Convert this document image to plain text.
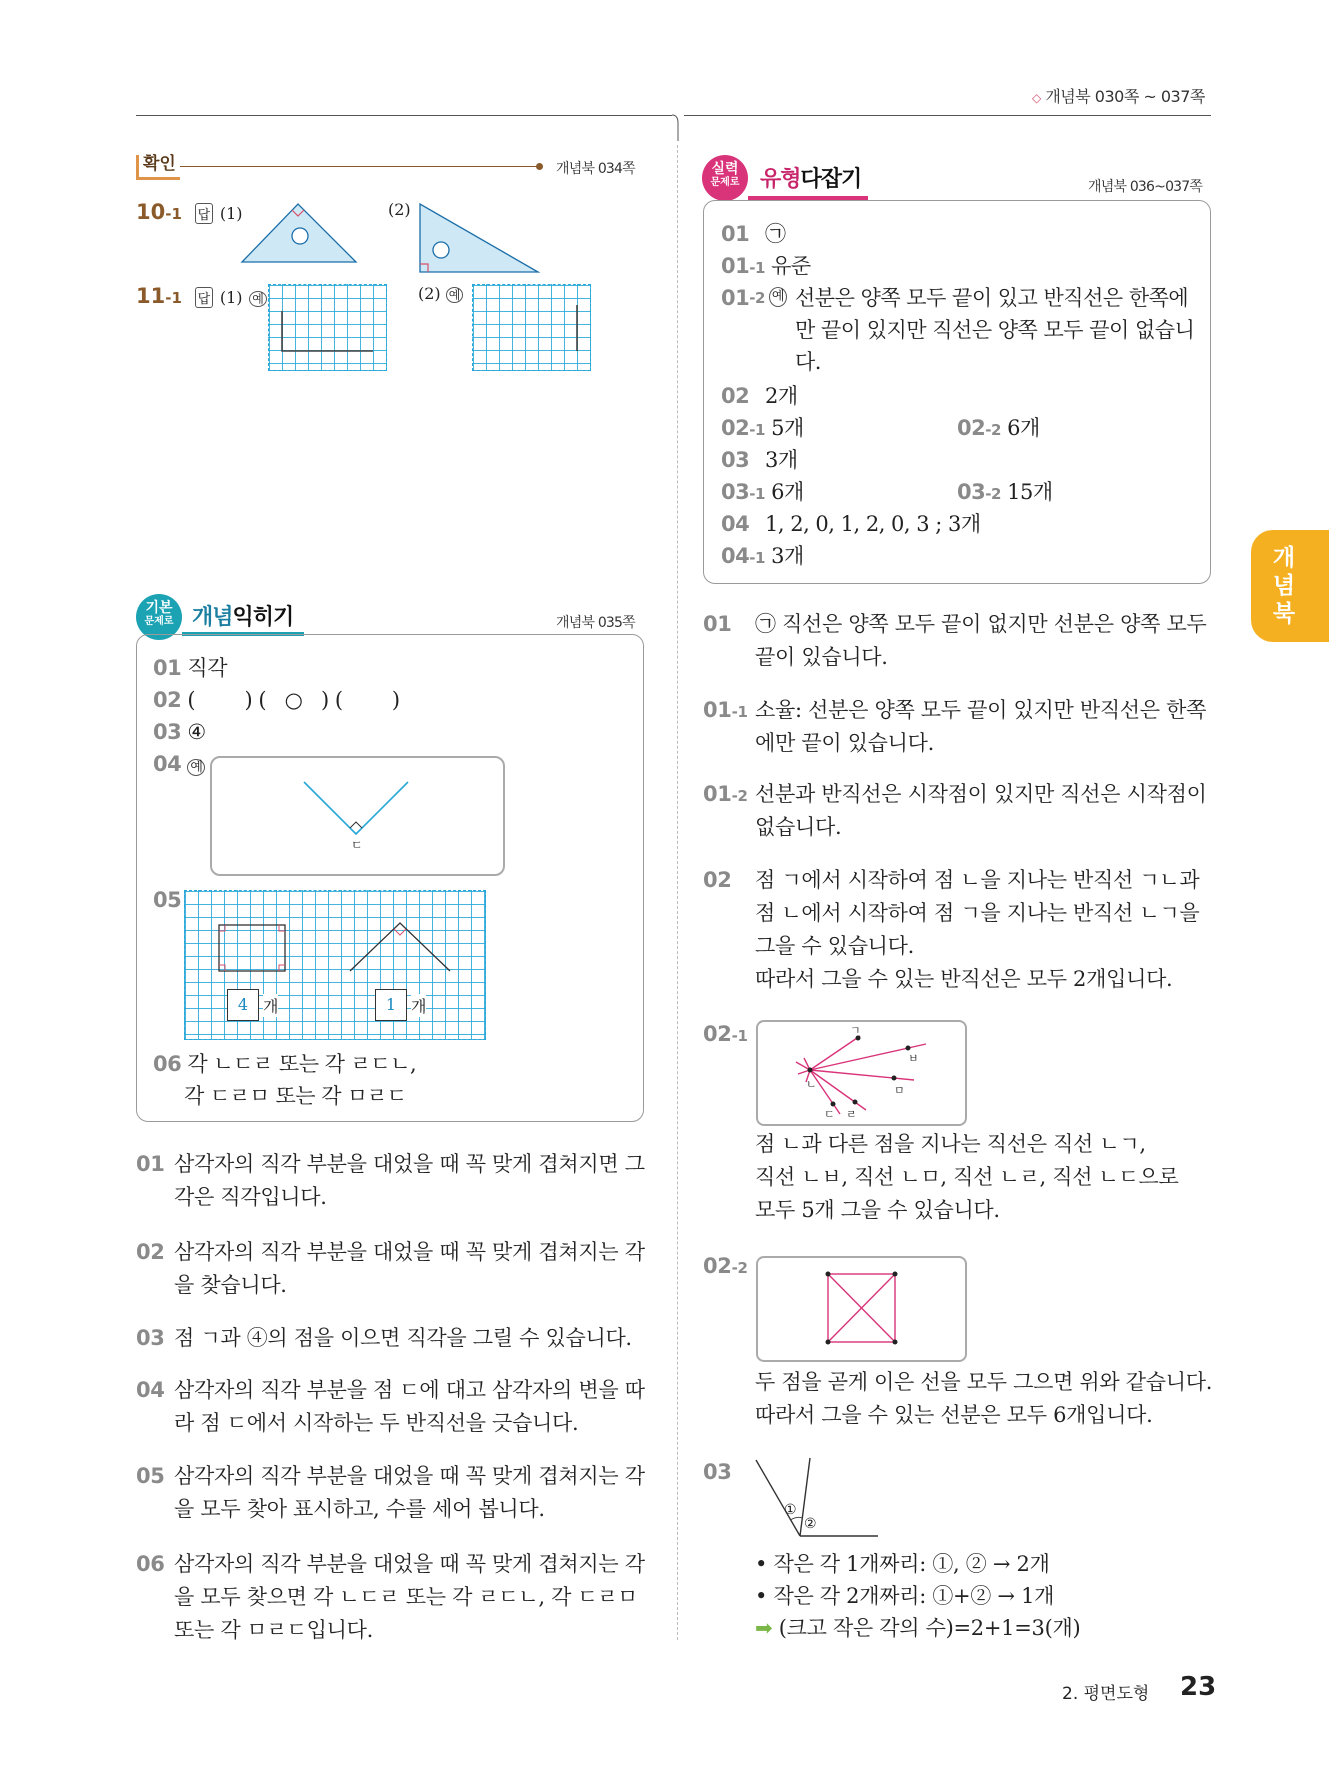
◇ 개념북 030쪽 ~ 037쪽
개
념
북
확인	개념북 034쪽
10-1 답 (1)	(2)
11-1 답 (1) 예	(2) 예
기본
문제로 개념익히기	개념북 035쪽
01 직각
02 (        ) (   ○   ) (        )
03 ④
04 예
ㄷ
05
4 개	1 개
06 각 ㄴㄷㄹ 또는 각 ㄹㄷㄴ,
각 ㄷㄹㅁ 또는 각 ㅁㄹㄷ
01 삼각자의 직각 부분을 대었을 때 꼭 맞게 겹쳐지면 그 각은 직각입니다.
02 삼각자의 직각 부분을 대었을 때 꼭 맞게 겹쳐지는 각을 찾습니다.
03 점 ㄱ과 ④의 점을 이으면 직각을 그릴 수 있습니다.
04 삼각자의 직각 부분을 점 ㄷ에 대고 삼각자의 변을 따라 점 ㄷ에서 시작하는 두 반직선을 긋습니다.
05 삼각자의 직각 부분을 대었을 때 꼭 맞게 겹쳐지는 각을 모두 찾아 표시하고, 수를 세어 봅니다.
06 삼각자의 직각 부분을 대었을 때 꼭 맞게 겹쳐지는 각을 모두 찾으면 각 ㄴㄷㄹ 또는 각 ㄹㄷㄴ, 각 ㄷㄹㅁ 또는 각 ㅁㄹㄷ입니다.
실력
문제로 유형다잡기	개념북 036~037쪽
01 ㉠
01-1 유준
01 -2 예 선분은 양쪽 모두 끝이 있고 반직선은 한쪽에 만 끝이 있지만 직선은 양쪽 모두 끝이 없습니다.
02 2개
02-1 5개	02-2 6개
03 3개
03-1 6개	03-2 15개
04 1, 2, 0, 1, 2, 0, 3 ; 3개
04-1 3개
01	㉠ 직선은 양쪽 모두 끝이 없지만 선분은 양쪽 모두 끝이 있습니다.
01-1 소율: 선분은 양쪽 모두 끝이 있지만 반직선은 한쪽에만 끝이 있습니다.
01-2 선분과 반직선은 시작점이 있지만 직선은 시작점이 없습니다.
02	점 ㄱ에서 시작하여 점 ㄴ을 지나는 반직선 ㄱㄴ과
점 ㄴ에서 시작하여 점 ㄱ을 지나는 반직선 ㄴㄱ을
그을 수 있습니다.
따라서 그을 수 있는 반직선은 모두 2개입니다.
02-1	ㄱ
ㅂ
ㅁ
ㄴ
ㄷ ㄹ
점 ㄴ과 다른 점을 지나는 직선은 직선 ㄴㄱ,
직선 ㄴㅂ, 직선 ㄴㅁ, 직선 ㄴㄹ, 직선 ㄴㄷ으로
모두 5개 그을 수 있습니다.
02-2
두 점을 곧게 이은 선을 모두 그으면 위와 같습니다.
따라서 그을 수 있는 선분은 모두 6개입니다.
03
①
②
• 작은 각 1개짜리: ①, ② → 2개
• 작은 각 2개짜리: ①+② → 1개
➡ (크고 작은 각의 수)=2+1=3(개)
2. 평면도형 23
